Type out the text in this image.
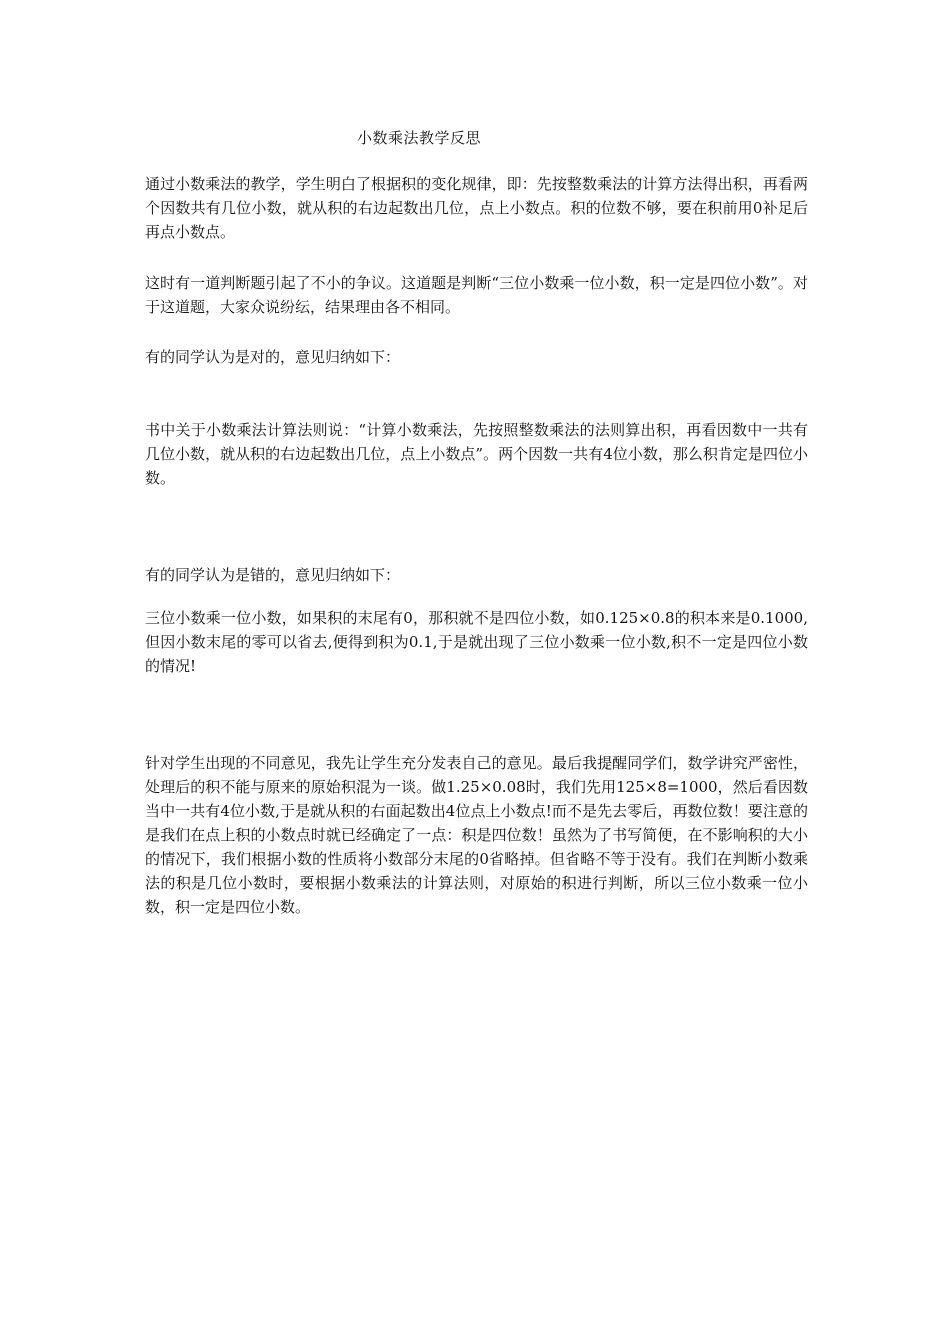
小数乘法教学反思

通过小数乘法的教学，学生明白了根据积的变化规律，即：先按整数乘法的计算方法得出积，再看两个因数共有几位小数，就从积的右边起数出几位，点上小数点。积的位数不够，要在积前用0补足后再点小数点。

这时有一道判断题引起了不小的争议。这道题是判断“三位小数乘一位小数，积一定是四位小数”。对于这道题，大家众说纷纭，结果理由各不相同。

有的同学认为是对的，意见归纳如下：

书中关于小数乘法计算法则说：“计算小数乘法，先按照整数乘法的法则算出积，再看因数中一共有几位小数，就从积的右边起数出几位，点上小数点”。两个因数一共有4位小数，那么积肯定是四位小数。

有的同学认为是错的，意见归纳如下：

三位小数乘一位小数，如果积的末尾有0，那积就不是四位小数，如0.125×0.8的积本来是0.1000,但因小数末尾的零可以省去,便得到积为0.1,于是就出现了三位小数乘一位小数,积不一定是四位小数的情况!

针对学生出现的不同意见，我先让学生充分发表自己的意见。最后我提醒同学们，数学讲究严密性，处理后的积不能与原来的原始积混为一谈。做1.25×0.08时，我们先用125×8=1000，然后看因数当中一共有4位小数,于是就从积的右面起数出4位点上小数点!而不是先去零后，再数位数！要注意的是我们在点上积的小数点时就已经确定了一点：积是四位数！虽然为了书写简便，在不影响积的大小的情况下，我们根据小数的性质将小数部分末尾的0省略掉。但省略不等于没有。我们在判断小数乘法的积是几位小数时，要根据小数乘法的计算法则，对原始的积进行判断，所以三位小数乘一位小数，积一定是四位小数。
